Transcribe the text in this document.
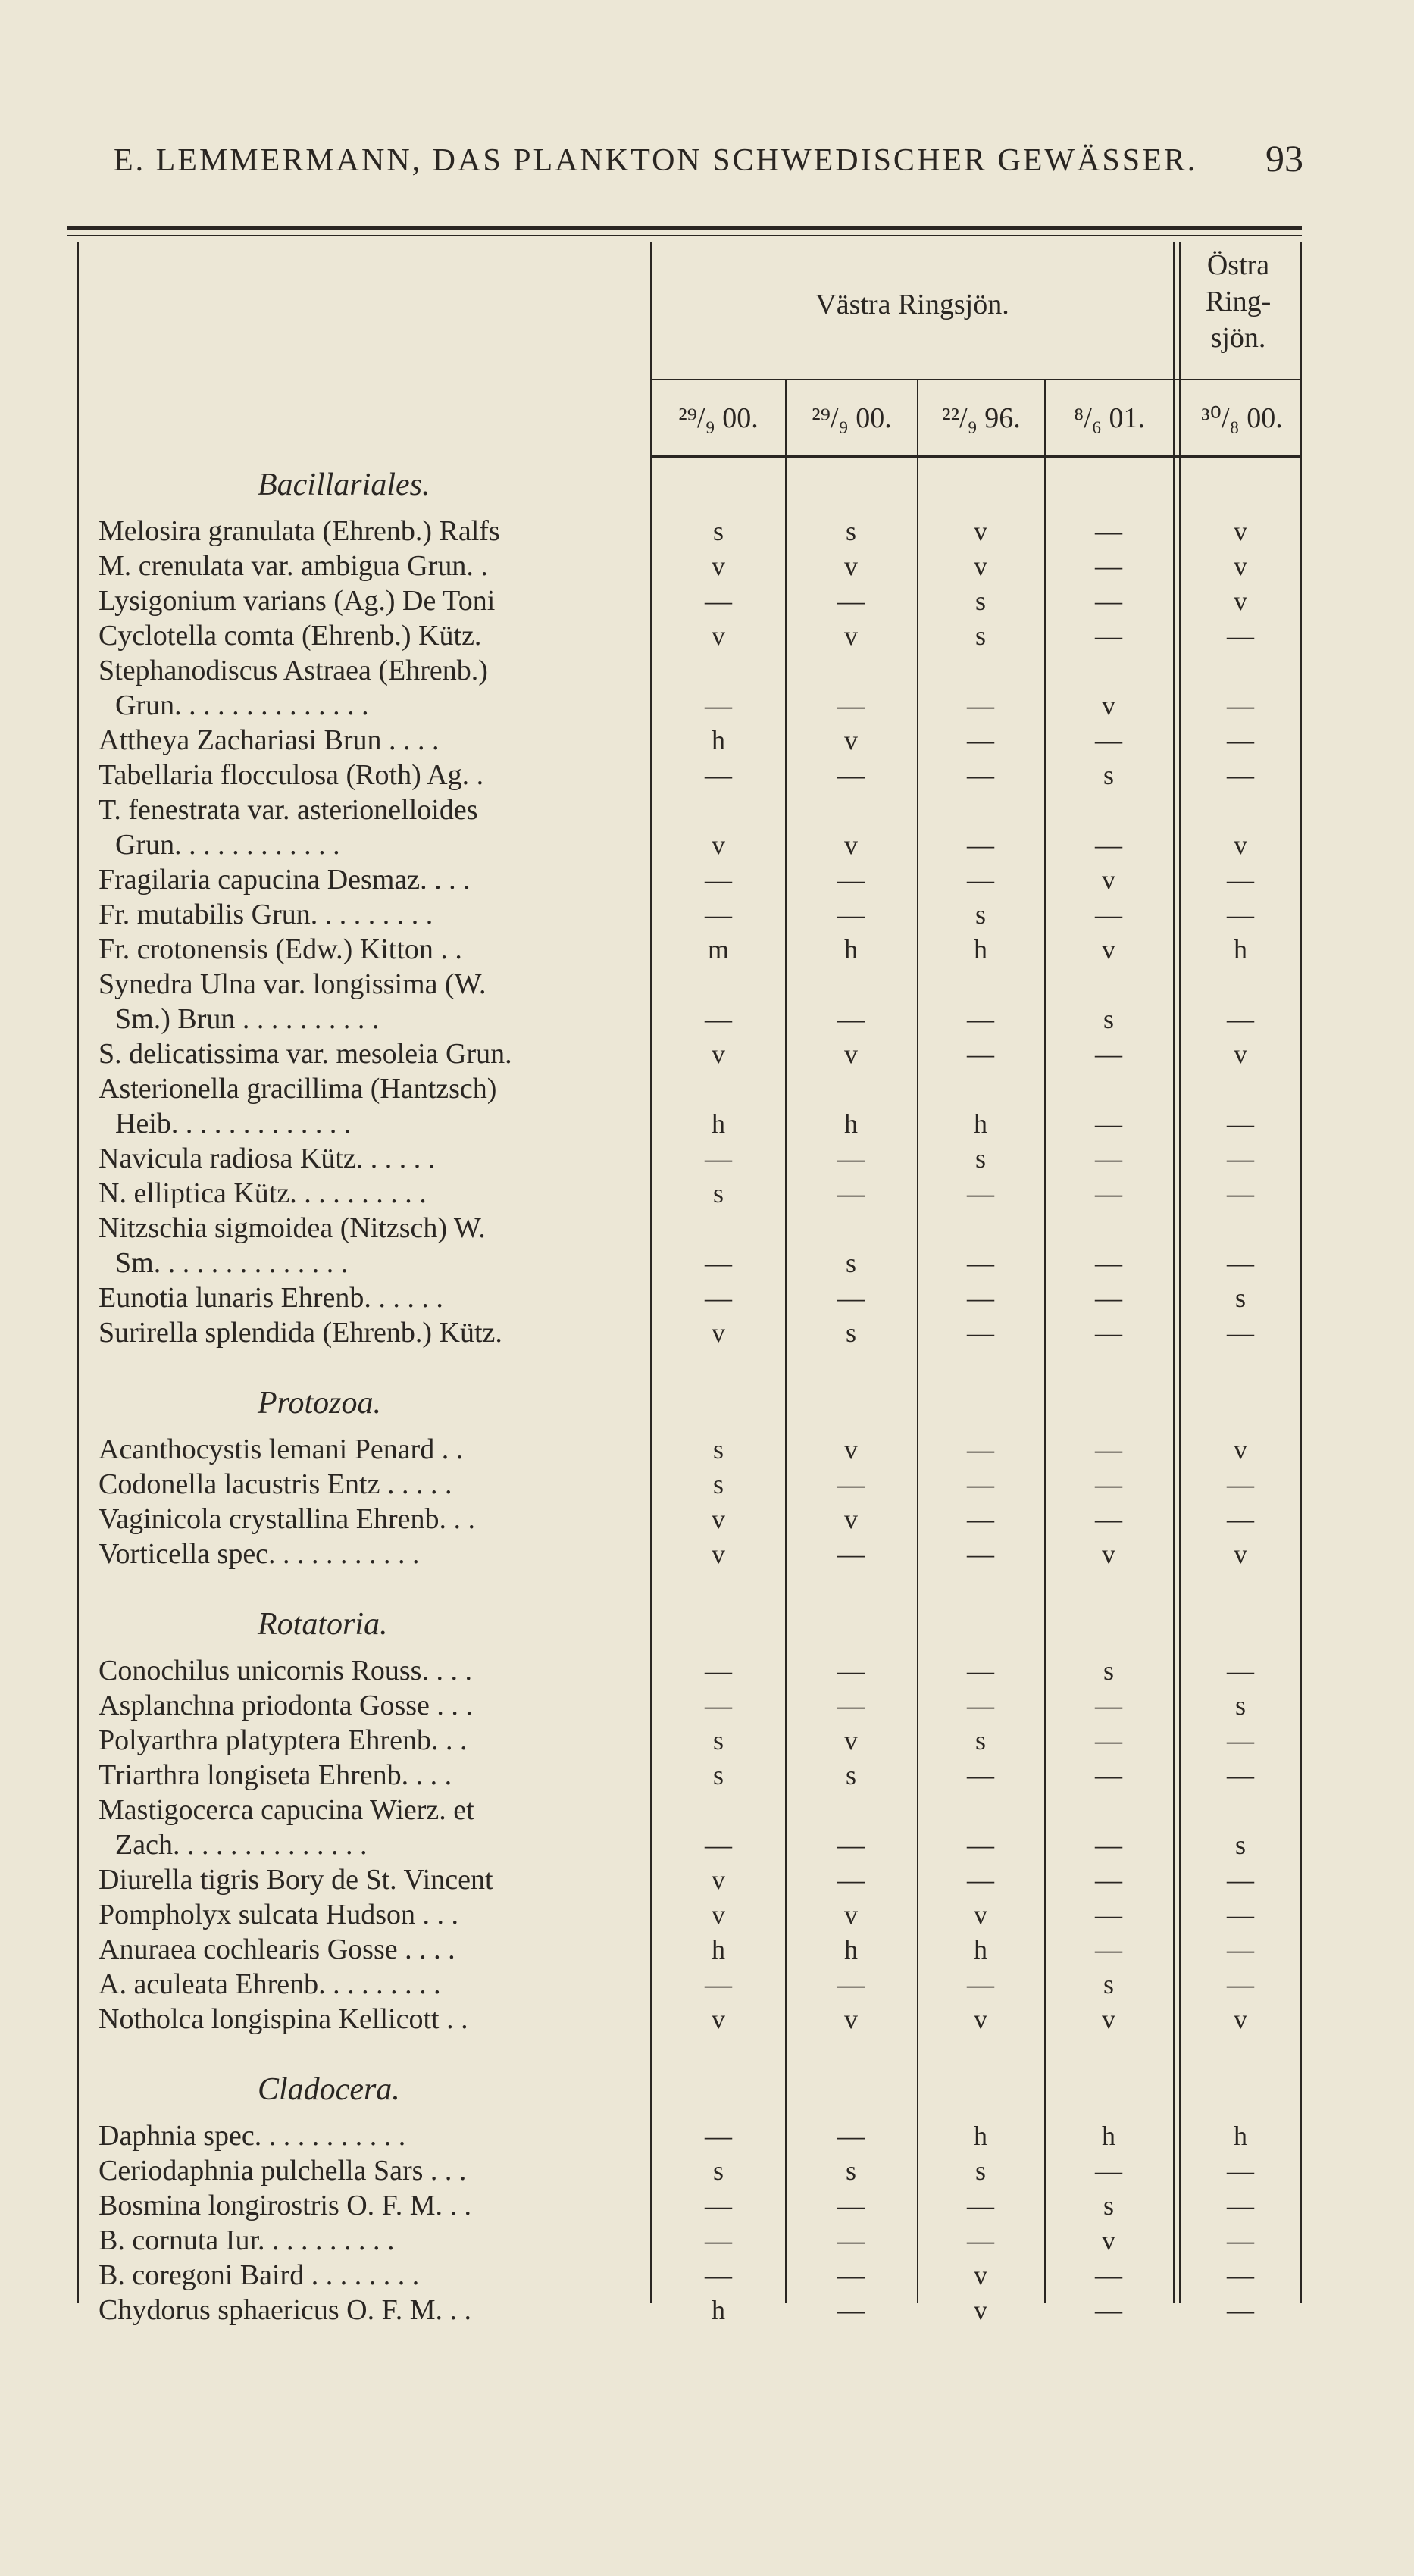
E. LEMMERMANN, DAS PLANKTON SCHWEDISCHER GEWÄSSER. 93
Västra Ringsjön.
Östra
Ring-
sjön.
²⁹/₉ 00.	²⁹/₉ 00.	²²/₉ 96.	⁸/₆ 01.	³⁰/₈ 00.
Bacillariales.
Melosira granulata (Ehrenb.) Ralfs	s	s	v	—	v
M. crenulata var. ambigua Grun. .	v	v	v	—	v
Lysigonium varians (Ag.) De Toni	—	—	s	—	v
Cyclotella comta (Ehrenb.) Kütz.	v	v	s	—	—
Stephanodiscus Astraea (Ehrenb.)
Grun. . . . . . . . . . . . . .	—	—	—	v	—
Attheya Zachariasi Brun . . . .	h	v	—	—	—
Tabellaria flocculosa (Roth) Ag. .	—	—	—	s	—
T. fenestrata var. asterionelloides
Grun. . . . . . . . . . . .	v	v	—	—	v
Fragilaria capucina Desmaz. . . .	—	—	—	v	—
Fr. mutabilis Grun. . . . . . . . .	—	—	s	—	—
Fr. crotonensis (Edw.) Kitton . .	m	h	h	v	h
Synedra Ulna var. longissima (W.
Sm.) Brun . . . . . . . . . .	—	—	—	s	—
S. delicatissima var. mesoleia Grun.	v	v	—	—	v
Asterionella gracillima (Hantzsch)
Heib. . . . . . . . . . . . .	h	h	h	—	—
Navicula radiosa Kütz. . . . . .	—	—	s	—	—
N. elliptica Kütz. . . . . . . . . .	s	—	—	—	—
Nitzschia sigmoidea (Nitzsch) W.
Sm. . . . . . . . . . . . . .	—	s	—	—	—
Eunotia lunaris Ehrenb. . . . . .	—	—	—	—	s
Surirella splendida (Ehrenb.) Kütz.	v	s	—	—	—
Protozoa.
Acanthocystis lemani Penard . .	s	v	—	—	v
Codonella lacustris Entz . . . . .	s	—	—	—	—
Vaginicola crystallina Ehrenb. . .	v	v	—	—	—
Vorticella spec. . . . . . . . . . .	v	—	—	v	v
Rotatoria.
Conochilus unicornis Rouss. . . .	—	—	—	s	—
Asplanchna priodonta Gosse . . .	—	—	—	—	s
Polyarthra platyptera Ehrenb. . .	s	v	s	—	—
Triarthra longiseta Ehrenb. . . .	s	s	—	—	—
Mastigocerca capucina Wierz. et
Zach. . . . . . . . . . . . . .	—	—	—	—	s
Diurella tigris Bory de St. Vincent	v	—	—	—	—
Pompholyx sulcata Hudson . . .	v	v	v	—	—
Anuraea cochlearis Gosse . . . .	h	h	h	—	—
A. aculeata Ehrenb. . . . . . . . .	—	—	—	s	—
Notholca longispina Kellicott . .	v	v	v	v	v
Cladocera.
Daphnia spec. . . . . . . . . . .	—	—	h	h	h
Ceriodaphnia pulchella Sars . . .	s	s	s	—	—
Bosmina longirostris O. F. M. . .	—	—	—	s	—
B. cornuta Iur. . . . . . . . . .	—	—	—	v	—
B. coregoni Baird . . . . . . . .	—	—	v	—	—
Chydorus sphaericus O. F. M. . .	h	—	v	—	—
